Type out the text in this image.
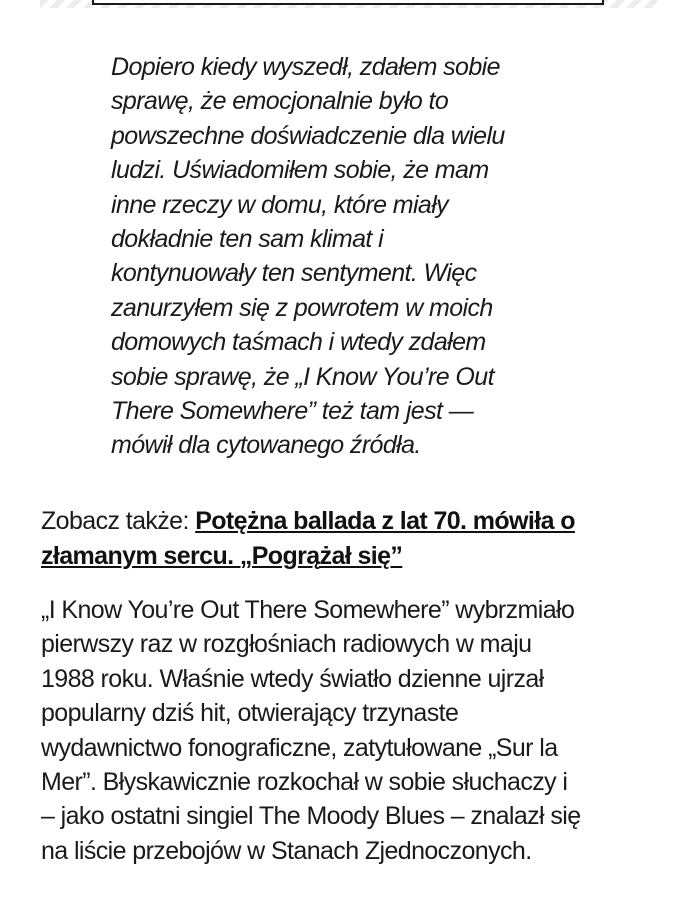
Dopiero kiedy wyszedł, zdałem sobie
sprawę, że emocjonalnie było to
powszechne doświadczenie dla wielu
ludzi. Uświadomiłem sobie, że mam
inne rzeczy w domu, które miały
dokładnie ten sam klimat i
kontynuowały ten sentyment. Więc
zanurzyłem się z powrotem w moich
domowych taśmach i wtedy zdałem
sobie sprawę, że „I Know You’re Out
There Somewhere” też tam jest —
mówił dla cytowanego źródła.

Zobacz także: Potężna ballada z lat 70. mówiła o
złamanym sercu. „Pogrążał się”

„I Know You’re Out There Somewhere” wybrzmiało
pierwszy raz w rozgłośniach radiowych w maju
1988 roku. Właśnie wtedy światło dzienne ujrzał
popularny dziś hit, otwierający trzynaste
wydawnictwo fonograficzne, zatytułowane „Sur la
Mer”. Błyskawicznie rozkochał w sobie słuchaczy i
– jako ostatni singiel The Moody Blues – znalazł się
na liście przebojów w Stanach Zjednoczonych.
